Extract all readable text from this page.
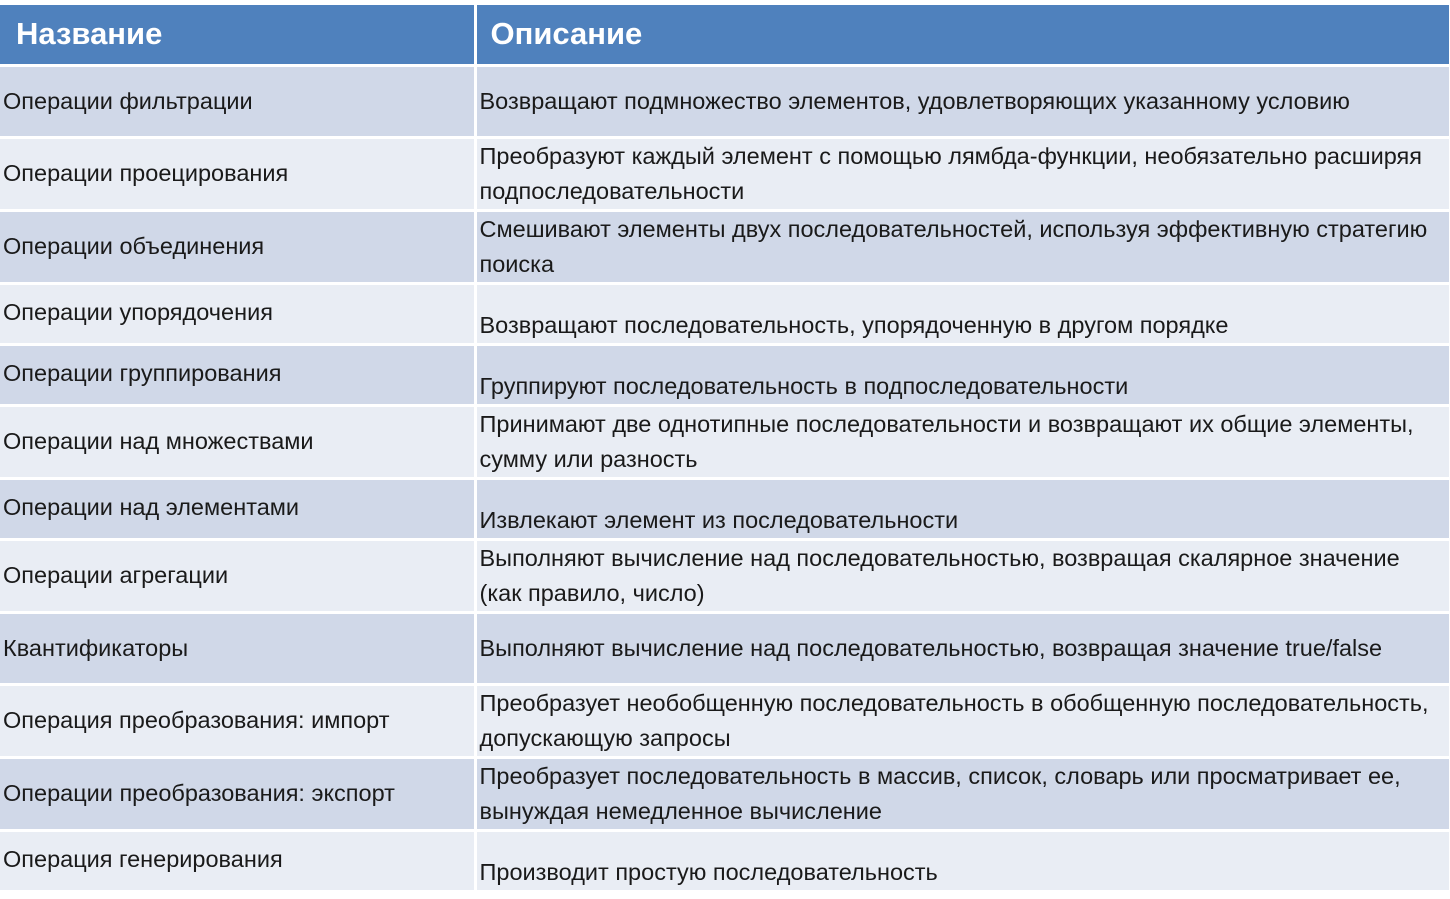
Название	Описание
Операции фильтрации	Возвращают подмножество элементов, удовлетворяющих указанному условию
Операции проецирования	Преобразуют каждый элемент с помощью лямбда-функции, необязательно расширяя подпоследовательности
Операции объединения	Смешивают элементы двух последовательностей, используя эффективную стратегию поиска
Операции упорядочения	Возвращают последовательность, упорядоченную в другом порядке
Операции группирования	Группируют последовательность в подпоследовательности
Операции над множествами	Принимают две однотипные последовательности и возвращают их общие элементы, сумму или разность
Операции над элементами	Извлекают элемент из последовательности
Операции агрегации	Выполняют вычисление над последовательностью, возвращая скалярное значение (как правило, число)
Квантификаторы	Выполняют вычисление над последовательностью, возвращая значение true/false
Операция преобразования: импорт	Преобразует необобщенную последовательность в обобщенную последовательность, допускающую запросы
Операции преобразования: экспорт	Преобразует последовательность в массив, список, словарь или просматривает ее, вынуждая немедленное вычисление
Операция генерирования	Производит простую последовательность
